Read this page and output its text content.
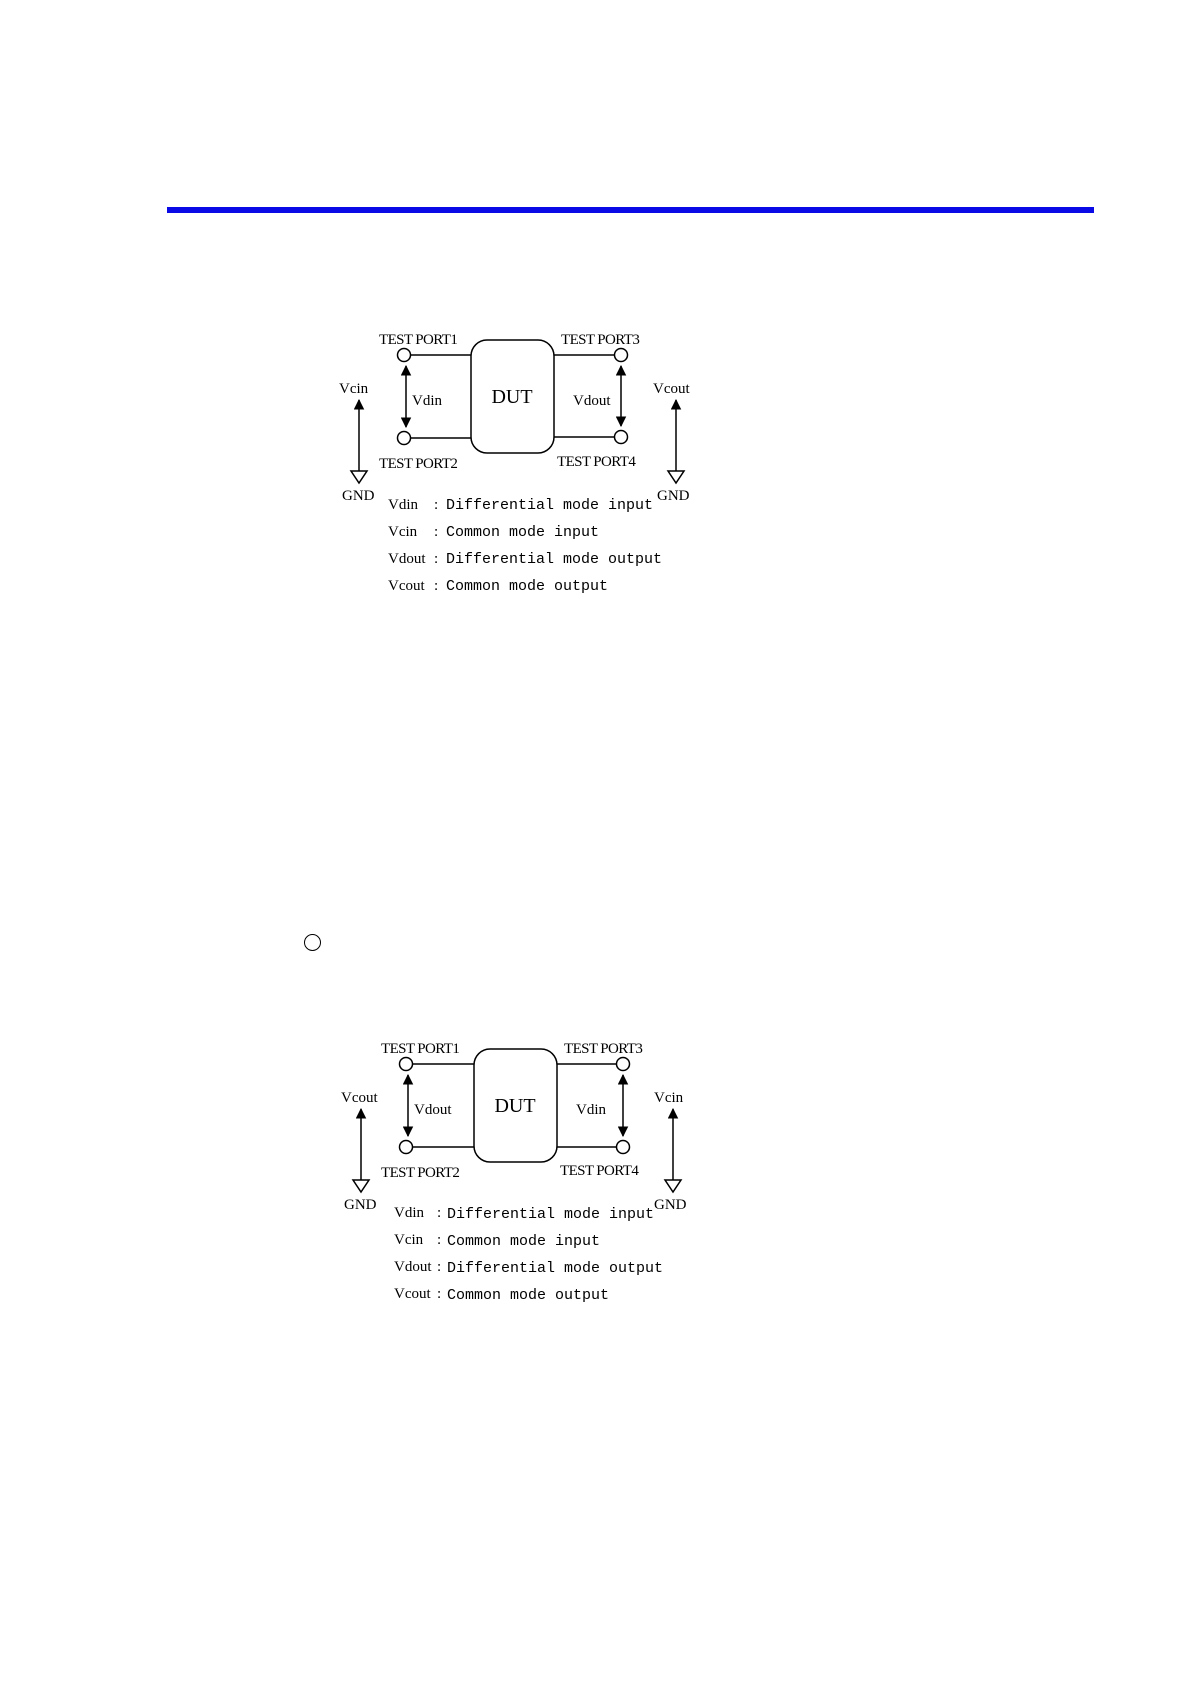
DUT
TEST PORT1
TEST PORT2
TEST PORT3
TEST PORT4
Vdin	Vdout
Vcin	Vcout
GND	GND
Vdin : Differential mode input
Vcin : Common mode input
Vdout : Differential mode output
Vcout : Common mode output
DUT
TEST PORT1
TEST PORT2
TEST PORT3
TEST PORT4
Vdout	Vdin
Vcout	Vcin
GND	GND
Vdin : Differential mode input
Vcin : Common mode input
Vdout : Differential mode output
Vcout : Common mode output
